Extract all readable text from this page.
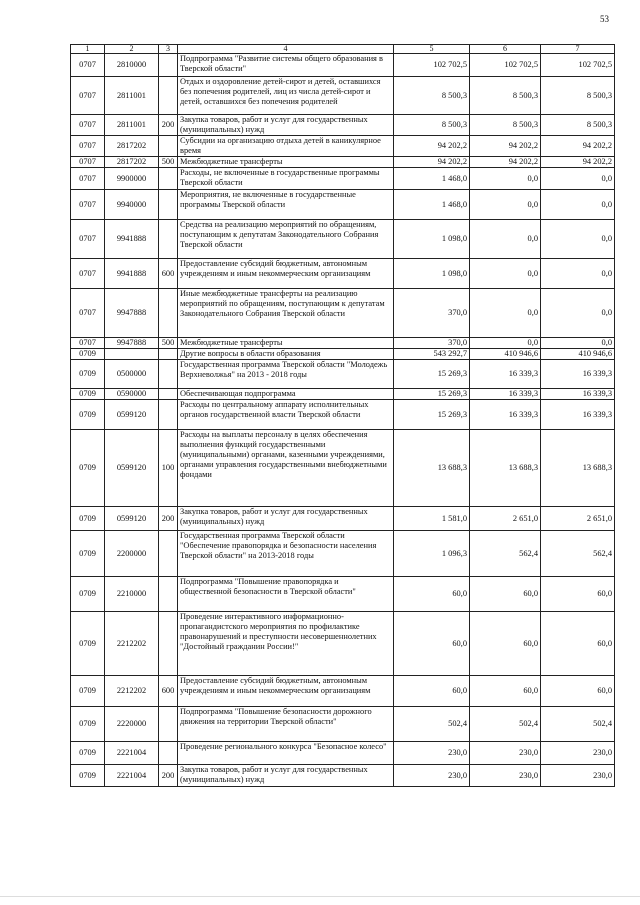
53
1	2	3	4	5	6	7
0707	2810000		Подпрограмма "Развитие системы общего образования в Тверской области"	102 702,5	102 702,5	102 702,5
0707	2811001		Отдых и оздоровление детей-сирот и детей, оставшихся без попечения родителей, лиц из числа детей-сирот и детей, оставшихся без попечения родителей	8 500,3	8 500,3	8 500,3
0707	2811001	200	Закупка товаров, работ и услуг для государственных (муниципальных) нужд	8 500,3	8 500,3	8 500,3
0707	2817202		Субсидии на организацию отдыха детей в каникулярное время	94 202,2	94 202,2	94 202,2
0707	2817202	500	Межбюджетные трансферты	94 202,2	94 202,2	94 202,2
0707	9900000		Расходы, не включенные в государственные программы Тверской области	1 468,0	0,0	0,0
0707	9940000		Мероприятия, не включенные в государственные программы Тверской области	1 468,0	0,0	0,0
0707	9941888		Средства на реализацию мероприятий по обращениям, поступающим к депутатам Законодательного Собрания Тверской области	1 098,0	0,0	0,0
0707	9941888	600	Предоставление субсидий бюджетным, автономным учреждениям и иным некоммерческим организациям	1 098,0	0,0	0,0
0707	9947888		Иные межбюджетные трансферты на реализацию мероприятий по обращениям, поступающим к депутатам Законодательного Собрания Тверской области	370,0	0,0	0,0
0707	9947888	500	Межбюджетные трансферты	370,0	0,0	0,0
0709			Другие вопросы в области образования	543 292,7	410 946,6	410 946,6
0709	0500000		Государственная программа Тверской области "Молодежь Верхневолжья" на 2013 - 2018 годы	15 269,3	16 339,3	16 339,3
0709	0590000		Обеспечивающая подпрограмма	15 269,3	16 339,3	16 339,3
0709	0599120		Расходы по центральному аппарату исполнительных органов государственной власти Тверской области	15 269,3	16 339,3	16 339,3
0709	0599120	100	Расходы на выплаты персоналу в целях обеспечения выполнения функций государственными (муниципальными) органами, казенными учреждениями, органами управления государственными внебюджетными фондами	13 688,3	13 688,3	13 688,3
0709	0599120	200	Закупка товаров, работ и услуг для государственных (муниципальных) нужд	1 581,0	2 651,0	2 651,0
0709	2200000		Государственная программа Тверской области "Обеспечение правопорядка и безопасности населения Тверской области" на 2013-2018 годы	1 096,3	562,4	562,4
0709	2210000		Подпрограмма "Повышение правопорядка и общественной безопасности в Тверской области"	60,0	60,0	60,0
0709	2212202		Проведение интерактивного информационно-пропагандистского мероприятия по профилактике правонарушений и преступности несовершеннолетних "Достойный гражданин России!"	60,0	60,0	60,0
0709	2212202	600	Предоставление субсидий бюджетным, автономным учреждениям и иным некоммерческим организациям	60,0	60,0	60,0
0709	2220000		Подпрограмма "Повышение безопасности дорожного движения на территории Тверской области"	502,4	502,4	502,4
0709	2221004		Проведение регионального конкурса "Безопасное колесо"	230,0	230,0	230,0
0709	2221004	200	Закупка товаров, работ и услуг для государственных (муниципальных) нужд	230,0	230,0	230,0
